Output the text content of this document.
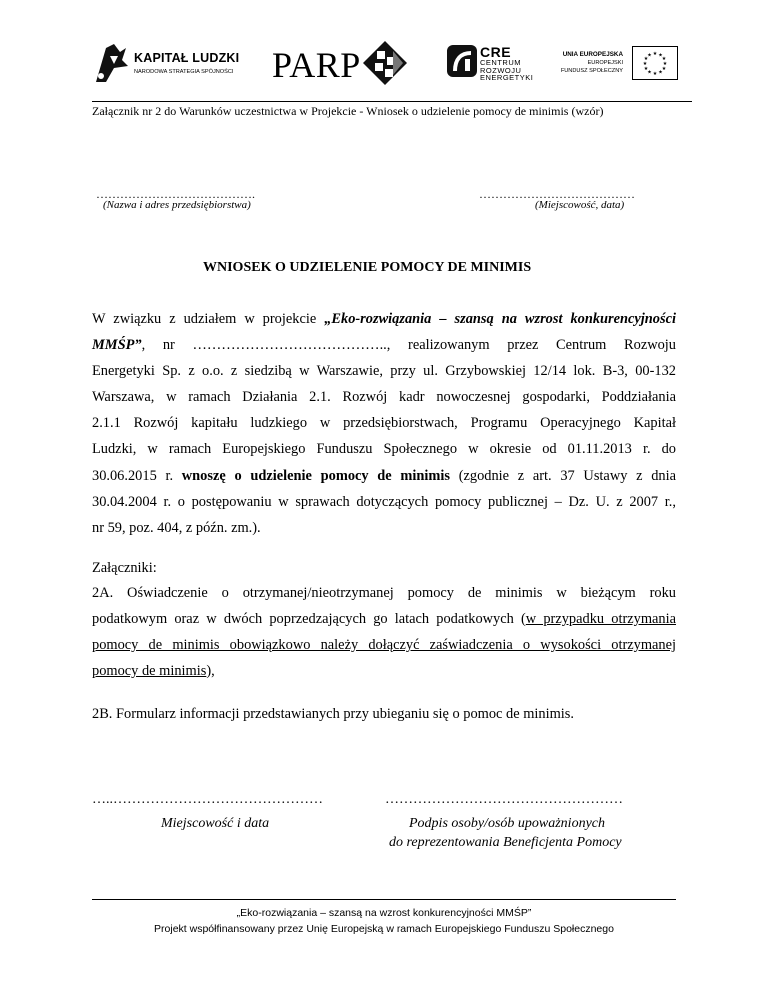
KAPITAŁ LUDZKI
NARODOWA STRATEGIA SPÓJNOŚCI PARP	CRE
CENTRUM
ROZWOJU
ENERGETYKI
UNIA EUROPEJSKA
EUROPEJSKI
FUNDUSZ SPOŁECZNY
★ ★
★
★
★
★
★
★
★
★
★
★
Załącznik nr 2 do Warunków uczestnictwa w Projekcie - Wniosek o udzielenie pomocy de minimis (wzór)
………………………………….
(Nazwa i adres przedsiębiorstwa)
…………………………………
(Miejscowość, data)
WNIOSEK O UDZIELENIE POMOCY DE MINIMIS
W związku z udziałem w projekcie „Eko-rozwiązania – szansą na wzrost konkurencyjności
MMŚP”, nr ………………………………….., realizowanym przez Centrum Rozwoju
Energetyki Sp. z o.o. z siedzibą w Warszawie, przy ul. Grzybowskiej 12/14 lok. B-3, 00-132
Warszawa, w ramach Działania 2.1. Rozwój kadr nowoczesnej gospodarki, Poddziałania
2.1.1 Rozwój kapitału ludzkiego w przedsiębiorstwach, Programu Operacyjnego Kapitał
Ludzki, w ramach Europejskiego Funduszu Społecznego w okresie od 01.11.2013 r. do
30.06.2015 r. wnoszę o udzielenie pomocy de minimis (zgodnie z art. 37 Ustawy z dnia
30.04.2004 r. o postępowaniu w sprawach dotyczących pomocy publicznej – Dz. U. z 2007 r.,
nr 59, poz. 404, z późn. zm.).
Załączniki:
2A. Oświadczenie o otrzymanej/nieotrzymanej pomocy de minimis w bieżącym roku
podatkowym oraz w dwóch poprzedzających go latach podatkowych (w przypadku otrzymania
pomocy de minimis obowiązkowo należy dołączyć zaświadczenia o wysokości otrzymanej
pomocy de minimis),
2B. Formularz informacji przedstawianych przy ubieganiu się o pomoc de minimis.
…..………………………………………
Miejscowość i data
……………………………………………
Podpis osoby/osób upoważnionych
do reprezentowania Beneficjenta Pomocy
„Eko-rozwiązania – szansą na wzrost konkurencyjności MMŚP”
Projekt współfinansowany przez Unię Europejską w ramach Europejskiego Funduszu Społecznego
